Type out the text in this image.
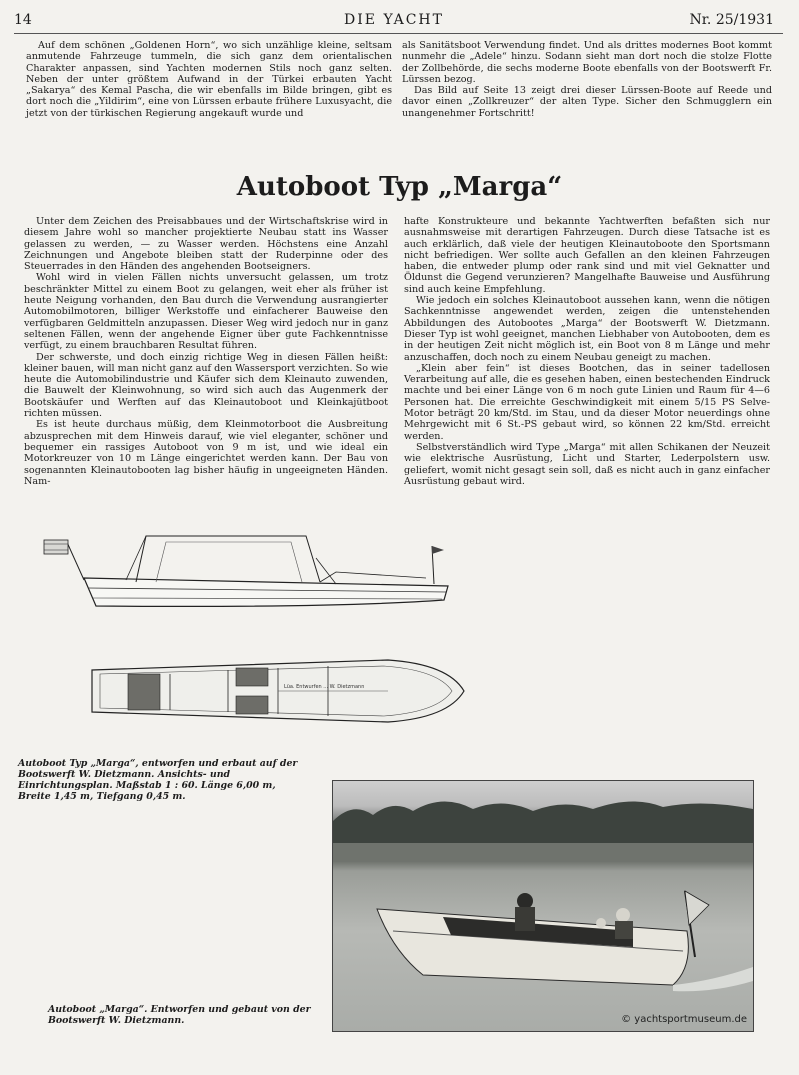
14	DIE YACHT	Nr. 25/1931

Auf dem schönen „Goldenen Horn“, wo sich unzählige kleine, seltsam anmutende Fahrzeuge tummeln, die sich ganz dem orientalischen Charakter anpassen, sind Yachten modernen Stils noch ganz selten. Neben der unter größtem Aufwand in der Türkei erbauten Yacht „Sakarya“ des Kemal Pascha, die wir ebenfalls im Bilde bringen, gibt es dort noch die „Yildirim“, eine von Lürssen erbaute frühere Luxusyacht, die jetzt von der türkischen Regierung angekauft wurde und

als Sanitätsboot Verwendung findet. Und als drittes modernes Boot kommt nunmehr die „Adele“ hinzu. Sodann sieht man dort noch die stolze Flotte der Zollbehörde, die sechs moderne Boote ebenfalls von der Bootswerft Fr. Lürssen bezog.

Das Bild auf Seite 13 zeigt drei dieser Lürssen-Boote auf Reede und davor einen „Zollkreuzer“ der alten Type. Sicher den Schmugglern ein unangenehmer Fortschritt!

Autoboot Typ „Marga“

Unter dem Zeichen des Preisabbaues und der Wirtschaftskrise wird in diesem Jahre wohl so mancher projektierte Neubau statt ins Wasser gelassen zu werden, — zu Wasser werden. Höchstens eine Anzahl Zeichnungen und Angebote bleiben statt der Ruderpinne oder des Steuerrades in den Händen des angehenden Bootseigners.

Wohl wird in vielen Fällen nichts unversucht gelassen, um trotz beschränkter Mittel zu einem Boot zu gelangen, weit eher als früher ist heute Neigung vorhanden, den Bau durch die Verwendung ausrangierter Automobilmotoren, billiger Werkstoffe und einfacherer Bauweise den verfügbaren Geldmitteln anzupassen. Dieser Weg wird jedoch nur in ganz seltenen Fällen, wenn der angehende Eigner über gute Fachkenntnisse verfügt, zu einem brauchbaren Resultat führen.

Der schwerste, und doch einzig richtige Weg in diesen Fällen heißt: kleiner bauen, will man nicht ganz auf den Wassersport verzichten. So wie heute die Automobilindustrie und Käufer sich dem Kleinauto zuwenden, die Bauwelt der Kleinwohnung, so wird sich auch das Augenmerk der Bootskäufer und Werften auf das Kleinautoboot und Kleinkajütboot richten müssen.

Es ist heute durchaus müßig, dem Kleinmotorboot die Ausbreitung abzusprechen mit dem Hinweis darauf, wie viel eleganter, schöner und bequemer ein rassiges Autoboot von 9 m ist, und wie ideal ein Motorkreuzer von 10 m Länge eingerichtet werden kann. Der Bau von sogenannten Kleinautobooten lag bisher häufig in ungeeigneten Händen. Nam-

hafte Konstrukteure und bekannte Yachtwerften befaßten sich nur ausnahmsweise mit derartigen Fahrzeugen. Durch diese Tatsache ist es auch erklärlich, daß viele der heutigen Kleinautoboote den Sportsmann nicht befriedigen. Wer sollte auch Gefallen an den kleinen Fahrzeugen haben, die entweder plump oder rank sind und mit viel Geknatter und Öldunst die Gegend verunzieren? Mangelhafte Bauweise und Ausführung sind auch keine Empfehlung.

Wie jedoch ein solches Kleinautoboot aussehen kann, wenn die nötigen Sachkenntnisse angewendet werden, zeigen die untenstehenden Abbildungen des Autobootes „Marga“ der Bootswerft W. Dietzmann. Dieser Typ ist wohl geeignet, manchen Liebhaber von Autobooten, dem es in der heutigen Zeit nicht möglich ist, ein Boot von 8 m Länge und mehr anzuschaffen, doch noch zu einem Neubau geneigt zu machen.

„Klein aber fein“ ist dieses Bootchen, das in seiner tadellosen Verarbeitung auf alle, die es gesehen haben, einen bestechenden Eindruck machte und bei einer Länge von 6 m noch gute Linien und Raum für 4—6 Personen hat. Die erreichte Geschwindigkeit mit einem 5/15 PS Selve-Motor beträgt 20 km/Std. im Stau, und da dieser Motor neuerdings ohne Mehrgewicht mit 6 St.-PS gebaut wird, so können 22 km/Std. erreicht werden.

Selbstverständlich wird Type „Marga“ mit allen Schikanen der Neuzeit wie elektrische Ausrüstung, Licht und Starter, Lederpolstern usw. geliefert, womit nicht gesagt sein soll, daß es nicht auch in ganz einfacher Ausrüstung gebaut wird.

Lüa. Entwurfen ... W. Dietzmann
Autoboot Typ „Marga“, entworfen und erbaut auf der Bootswerft W. Dietzmann. Ansichts- und Einrichtungsplan. Maßstab 1 : 60. Länge 6,00 m, Breite 1,45 m, Tiefgang 0,45 m.
© yachtsportmuseum.de
Autoboot „Marga“. Entworfen und gebaut von der Bootswerft W. Dietzmann.
